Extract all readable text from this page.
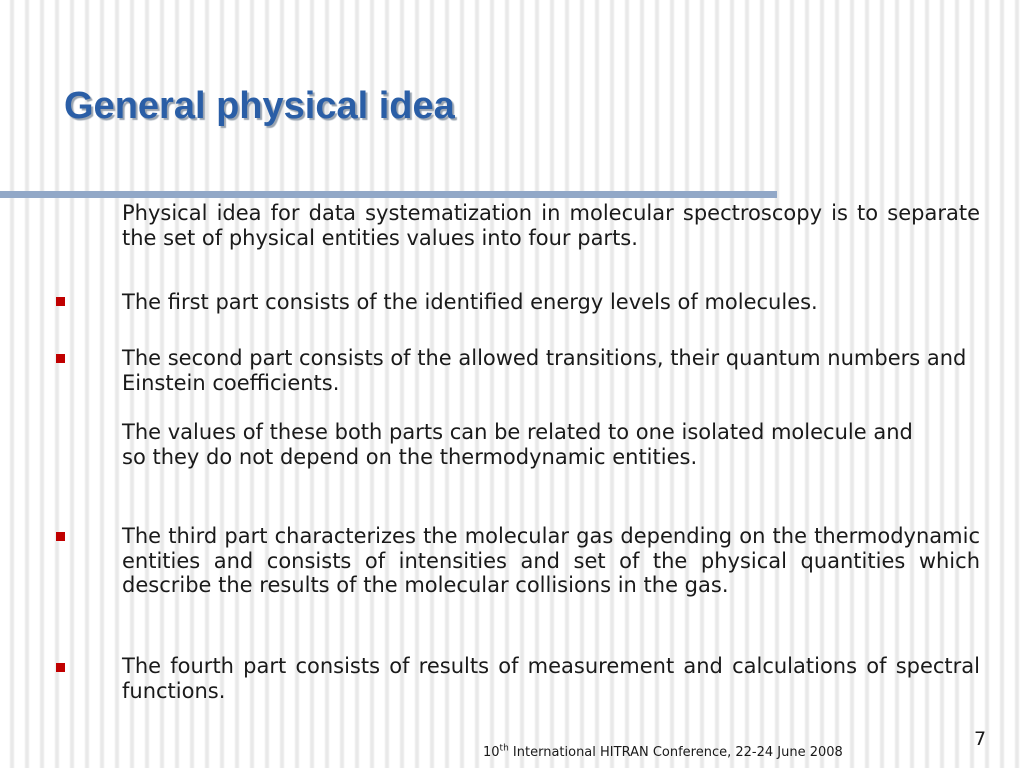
General physical idea
Physical idea for data systematization in molecular spectroscopy is to separate the set of physical entities values into four parts.
The first part consists of the identified energy levels of molecules.
The second part consists of the allowed transitions, their quantum numbers and Einstein coefficients.
The values of these both parts can be related to one isolated molecule and so they do not depend on the thermodynamic entities.
The third part characterizes the molecular gas depending on the thermodynamic entities and consists of intensities and set of the physical quantities which describe the results of the molecular collisions in the gas.
The fourth part consists of results of measurement and calculations of spectral functions.
7
10th International HITRAN Conference, 22-24 June 2008
